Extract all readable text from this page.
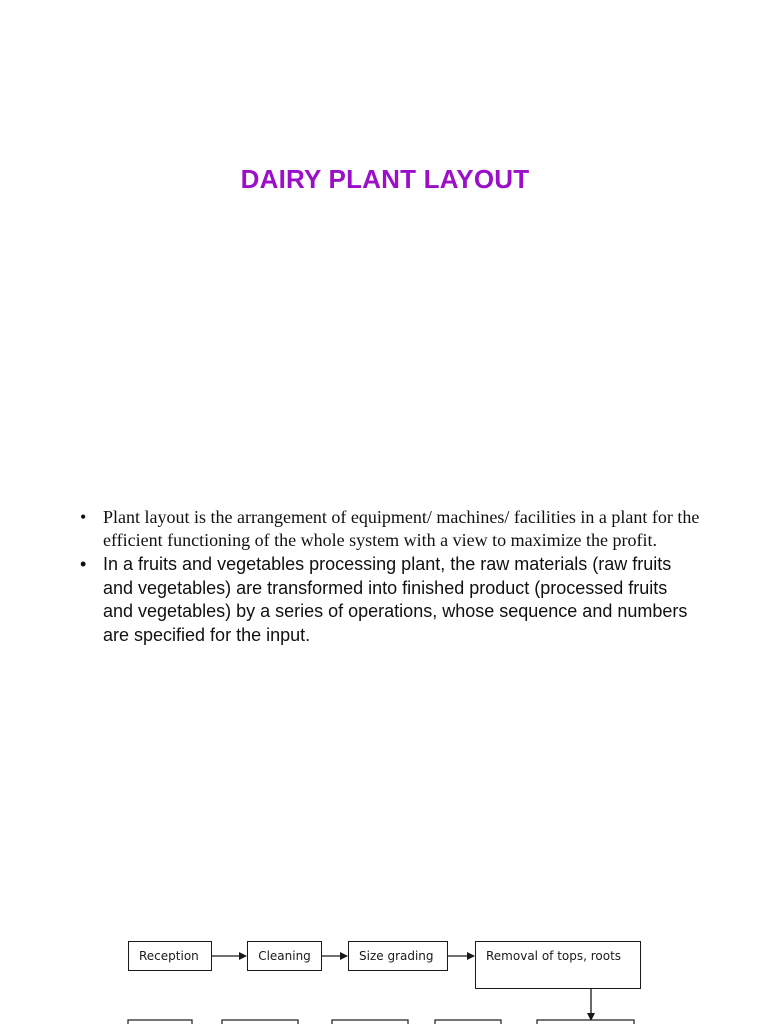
DAIRY PLANT LAYOUT
• Plant layout is the arrangement of equipment/ machines/ facilities in a plant for the efficient functioning of the whole system with a view to maximize the profit.
• In a fruits and vegetables processing plant, the raw materials (raw fruits and vegetables) are transformed into finished product (processed fruits and vegetables) by a series of operations, whose sequence and numbers are specified for the input.
Reception	Cleaning	Size grading	Removal of tops, roots
